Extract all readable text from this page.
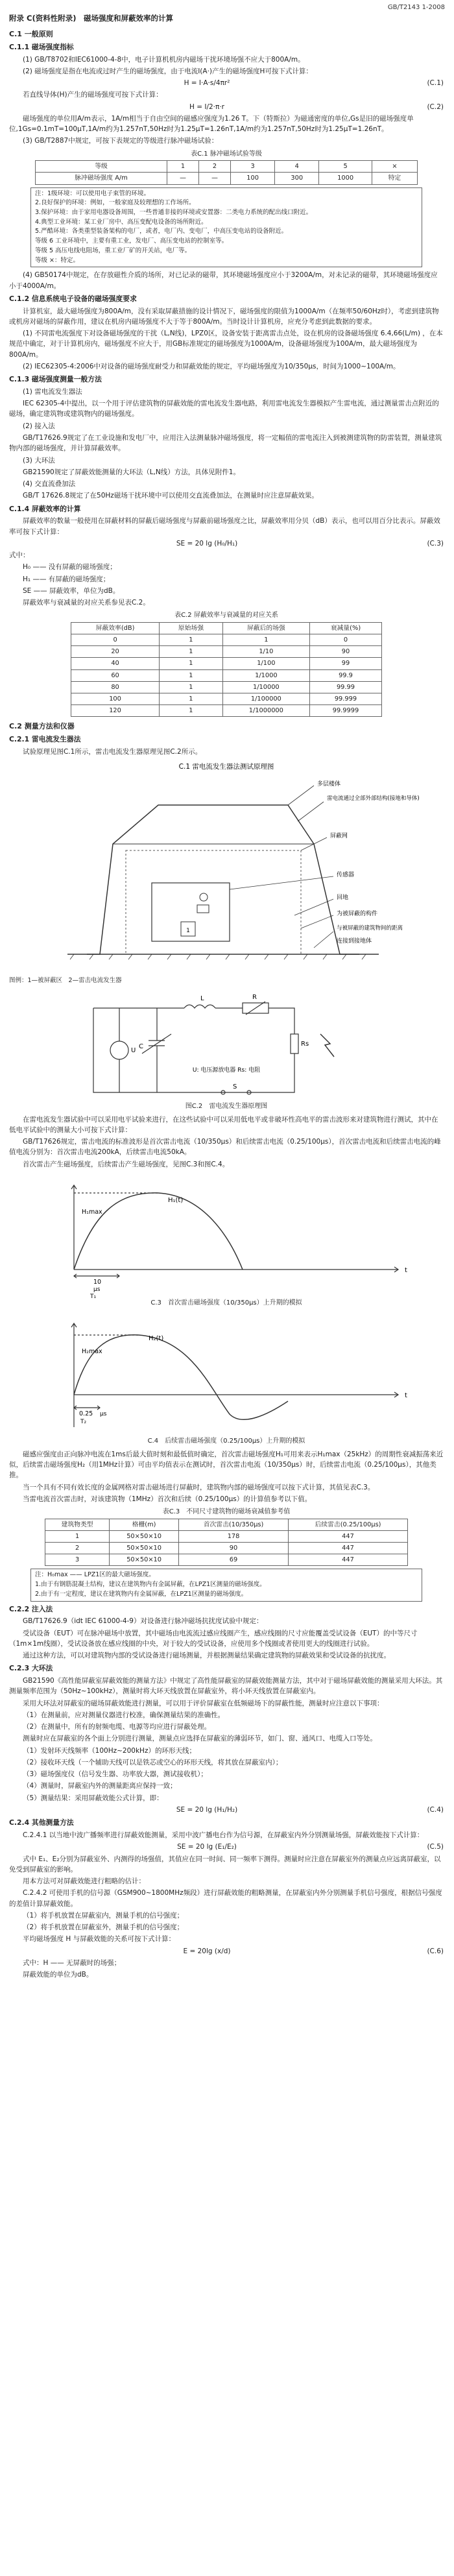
GB/T2143 1-2008
附录 C(资料性附录)　磁场强度和屏蔽效率的计算
C.1 一般原则
C.1.1 磁场强度指标

(1) GB/T8702和IEC61000-4-8中，电子计算机机房内磁场干扰环境场强不应大于800A/m。

(2) 磁场强度是指在电流或过时产生的磁场强度，由于电流I(A·)产生的磁场强度H可按下式计算：

H = I·A·s/4πr²	(C.1)

若直线导体(H)产生的磁场强度可按下式计算：

H = I/2·π·r	(C.2)

磁场强度的单位用A/m表示，1A/m相当于自由空间的磁感应强度为1.26 T。下（特斯拉）为磁通密度的单位,Gs是旧的磁场强度单位,1Gs=0.1mT=100μT,1A/m约为1.257nT,50Hz时为1.25μT=1.26nT,1A/m约为1.257nT,50Hz时为1.25μT=1.26nT。

(3) GB/T2887中规定，可按下表规定的等级进行脉冲磁场试验：

表C.1 脉冲磁场试验等级
等级	1	2	3	4	5	×
脉冲磁场强度 A/m	—	—	100	300	1000	特定

注：1级环境：可以使用电子束管的环境。

2.良好保护的环境：例如，一般家庭及较理想的工作场所。

3.保护环境：由于家用电器设备周围，一些普通非接的环境或安置器：二类电力系统的配出线口附近。

4.典型工业环境：某工业厂房中、高压变配电设备的场所附近。

5.严酷环境：各类重型装备架构的电厂，或者，电厂内、变电厂，中高压变电站的设备附近。

等级 6 工业环境中，主要有重工业，发电厂、高压变电站的控制室等。

等级 5 高压电线电阻场，重工业厂矿的开关站，电厂等。

等级 ×：特定。

(4) GB50174中规定，在存放磁性介质的场所，对已记录的磁带，其环境磁场强度应小于3200A/m，对未记录的磁带，其环境磁场强度应小于4000A/m。

C.1.2 信息系统电子设备的磁场强度要求

计算机室，最大磁场强度为800A/m，没有采取屏蔽措施的设计情况下，磁场强度的限值为1000A/m（在频率50/60Hz时），考虑到建筑物或机房对磁场的屏蔽作用，建议在机房内磁场强度不大于等于800A/m。当时设计计算机房，应充分考虑到此数据的要求。

(1) 不同雷电流强度下对设备磁场强度的干扰（L,N线)，LPZ0区，设备安装于距离雷击点处，设在机房的设备磁场强度 6.4,66(L/m) ，在本规范中确定，对于计算机房内，磁场强度不应大于，用GB标准规定的磁场强度为1000A/m，设备磁场强度为100A/m，最大磁场强度为800A/m。

(2) IEC62305-4:2006中对设备的磁场强度耐受力和屏蔽效能的规定，平均磁场强度为10/350μs，时间为1000~100A/m。

C.1.3 磁场强度测量一般方法

(1) 雷电流发生器法

IEC 62305-4中提出，以一个用于评估建筑物的屏蔽效能的雷电流发生器电路，利用雷电流发生器模拟产生雷电流，通过测量雷击点附近的磁场，确定建筑物或建筑物内的磁场强度。

(2) 接入法

GB/T17626.9规定了在工业设施和发电厂中，应用注入法测量脉冲磁场强度，将一定幅值的雷电流注入到被测建筑物的防雷装置，测量建筑物内部的磁场强度，并计算屏蔽效率。

(3) 大环法

GB21590规定了屏蔽效能测量的大环法（L,N线）方法，具体见附件1。

(4) 交直流叠加法

GB/T 17626.8规定了在50Hz磁场干扰环境中可以使用交直流叠加法，在测量时应注意屏蔽效果。

C.1.4 屏蔽效率的计算

屏蔽效率的数量一般使用在屏蔽材料的屏蔽后磁场强度与屏蔽前磁场强度之比，屏蔽效率用分贝（dB）表示，也可以用百分比表示。屏蔽效率可按下式计算：

SE = 20 lg (H₀/H₁)	(C.3)

式中：

H₀ —— 没有屏蔽的磁场强度；

H₁ —— 有屏蔽的磁场强度；

SE —— 屏蔽效率，单位为dB。

屏蔽效率与衰减量的对应关系参见表C.2。

表C.2 屏蔽效率与衰减量的对应关系
屏蔽效率(dB)	原始场强	屏蔽后的场强	衰减量(%)
0	1	1	0
20	1	1/10	90
40	1	1/100	99
60	1	1/1000	99.9
80	1	1/10000	99.99
100	1	1/100000	99.999
120	1	1/1000000	99.9999
C.2 测量方法和仪器
C.2.1 雷电流发生器法

试验原理见图C.1所示，雷击电流发生器原理见图C.2所示。

C.1 雷电流发生器法测试原理图
1
多层楼体
雷电流通过全部外部结构(接地和导体)
屏蔽网
传感器
回地
为被屏蔽的构件
与被屏蔽的建筑物间的距离
连接到接地体
图例：1—被屏蔽区　2—雷击电流发生器
L	R
C
U
Rs
S
U: 电压源放电器 Rs: 电阻
图C.2　雷电流发生器原理图

在雷电流发生器试验中可以采用电平试验来进行，在这些试验中可以采用低电平或非破坏性高电平的雷击波形来对建筑物进行测试，其中在低电平试验中的测量大小可按下式计算：

GB/T17626规定，雷击电流的标准波形是首次雷击电流（10/350μs）和后续雷击电流（0.25/100μs），首次雷击电流和后续雷击电流的峰值电流分别为：首次雷击电流200kA，后续雷击电流50kA。

首次雷击产生磁场强度，后续雷击产生磁场强度，见图C.3和图C.4。

H₁(t)
H₁max
t
10
μs
T₁
C.3　首次雷击磁场强度（10/350μs）上升期的模拟
H₂(t)
H₂max
t
0.25 μs
T₂
C.4　后续雷击磁场强度（0.25/100μs）上升期的模拟

磁感应强度由正向脉冲电流在1ms后最大值时刻和最低值时确定，首次雷击磁场强度H₁可用来表示H₁max（25kHz）的周期性衰减振荡来近似，后续雷击磁场强度H₂（用1MHz计算）可由平均值表示在测试时，首次雷击电流（10/350μs）时，后续雷击电流（0.25/100μs），其他类推。

当一个具有不同有效长度的金属网格对雷击磁场进行屏蔽时，建筑物内部的磁场强度可以按下式计算，其值见表C.3。

当雷电流首次雷击时，对该建筑物（1MHz）首次和后续（0.25/100μs）的计算值参考以下值。

表C.3　不同尺寸建筑物的磁场衰减值参考值
建筑物类型	格栅(m)	首次雷击(10/350μs)	后续雷击(0.25/100μs)
1	50×50×10	178	447
2	50×50×10	90	447
3	50×50×10	69	447

注：H₀max —— LPZ1区的最大磁场强度。

1.由于有钢筋混凝土结构，建议在建筑物内有金属屏蔽，在LPZ1区测量的磁场强度。

2.由于有一定程度，建议在建筑物内有金属屏蔽，在LPZ1区测量的磁场强度。

C.2.2 注入法

GB/T17626.9（idt IEC 61000-4-9）对设备进行脉冲磁场抗扰度试验中规定：

受试设备（EUT）可在脉冲磁场中放置，其中磁场由电流流过感应线圈产生，感应线圈的尺寸应能覆盖受试设备（EUT）的中等尺寸（1m×1m线圈），受试设备放在感应线圈的中央，对于较大的受试设备，应使用多个线圈或者使用更大的线圈进行试验。

通过这种方法，可以对建筑物内部的受试设备进行磁场测量，并根据测量结果确定建筑物的屏蔽效果和受试设备的抗扰度。

C.2.3 大环法

GB21590《高性能屏蔽室屏蔽效能的测量方法》中规定了高性能屏蔽室的屏蔽效能测量方法，其中对于磁场屏蔽效能的测量采用大环法。其测量频率范围为（50Hz~100kHz），测量时将大环天线放置在屏蔽室外，将小环天线放置在屏蔽室内。

采用大环法对屏蔽室的磁场屏蔽效能进行测量，可以用于评价屏蔽室在低频磁场下的屏蔽性能，测量时应注意以下事项：

（1）在测量前，应对测量仪器进行校准，确保测量结果的准确性。

（2）在测量中，所有的射频电缆、电源等均应进行屏蔽处理。

测量时应在屏蔽室的各个面上分别进行测量，测量点应选择在屏蔽室的薄弱环节，如门、窗、通风口、电缆入口等处。

（1）发射环天线频率（100Hz~200kHz）的环形天线；

（2）接收环天线（一个辅助天线可以是铁芯或空心的环形天线，将其放在屏蔽室内）；

（3）磁场强度仪（信号发生器、功率放大器，测试接收机）；

（4）测量时，屏蔽室内外的测量距离应保持一致；

（5）测量结果：采用屏蔽效能公式计算，即：

SE = 20 lg (H₁/H₂)	(C.4)
C.2.4 其他测量方法

C.2.4.1 以当地中波广播频率进行屏蔽效能测量，采用中波广播电台作为信号源，在屏蔽室内外分别测量场强，屏蔽效能按下式计算：

SE = 20 lg (E₁/E₂)	(C.5)

式中 E₁、E₂分别为屏蔽室外、内测得的场强值，其值应在同一时间、同一频率下测得。测量时应注意在屏蔽室外的测量点应远离屏蔽室，以免受到屏蔽室的影响。

用本方法可对屏蔽效能进行粗略的估计：

C.2.4.2 可使用手机的信号源（GSM900~1800MHz频段）进行屏蔽效能的粗略测量，在屏蔽室内外分别测量手机信号强度，根据信号强度的差值计算屏蔽效能。

（1）将手机放置在屏蔽室内，测量手机的信号强度；

（2）将手机放置在屏蔽室外，测量手机的信号强度；

平均磁场强度 H 与屏蔽效能的关系可按下式计算：

E = 20lg (x/d)	(C.6)

式中：H —— 无屏蔽时的场强；

屏蔽效能的单位为dB。
